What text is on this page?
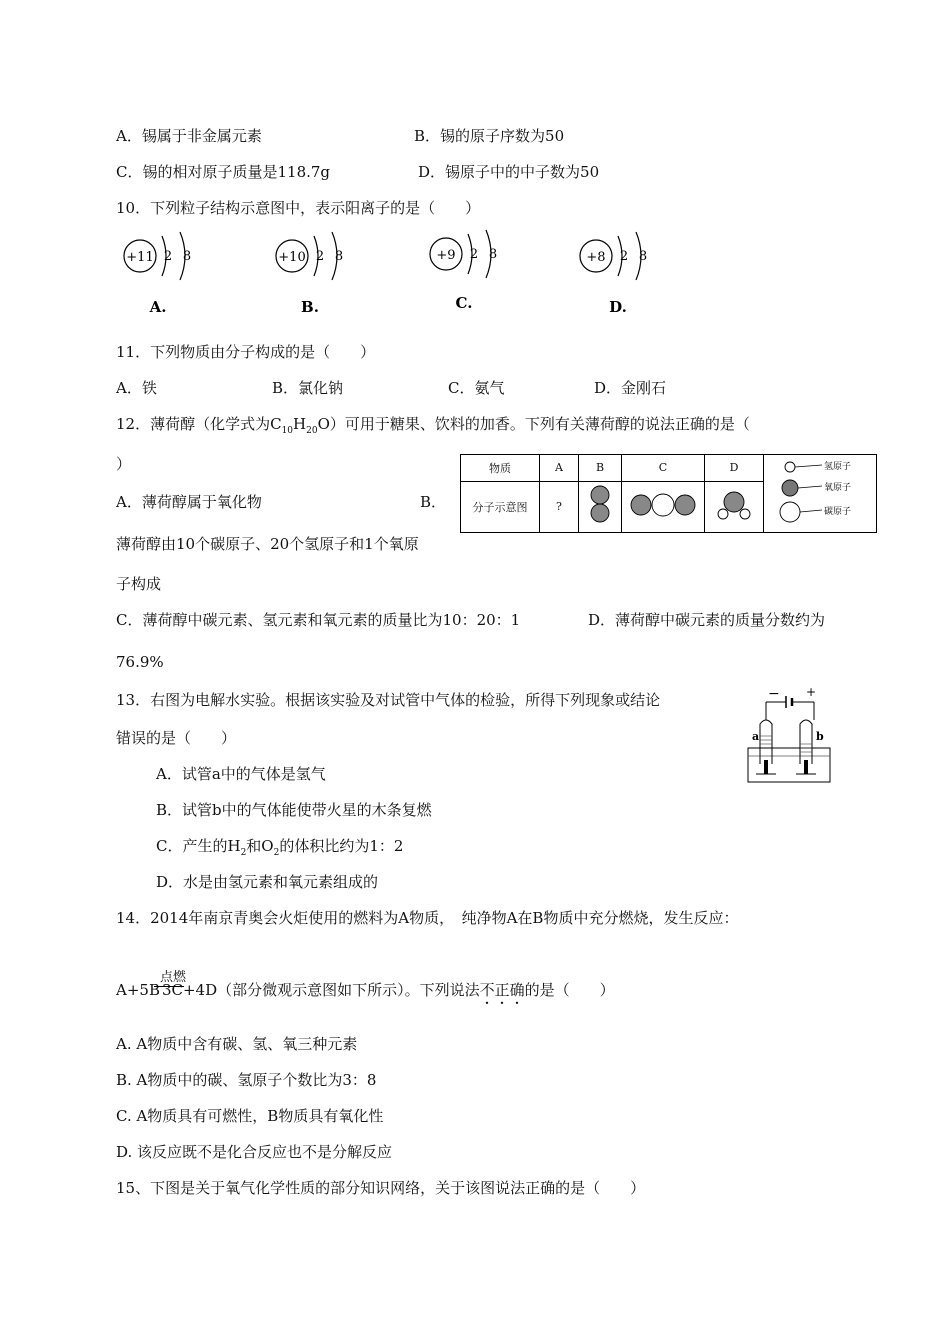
A．锡属于非金属元素	B．锡的原子序数为50
C．锡的相对原子质量是118.7g	D．锡原子中的中子数为50
10．下列粒子结构示意图中，表示阳离子的是（　　）
+11 2 8
A.
+10 2 8
B.
+9 2 8
C.
+8 2 8
D.
11．下列物质由分子构成的是（　　）
A．铁	B．氯化钠	C．氨气	D．金刚石
12．薄荷醇（化学式为$C_{10}H_{20}O$）可用于糖果、饮料的加香。下列有关薄荷醇的说法正确的是（
）
A．薄荷醇属于氧化物	B．
薄荷醇由10个碳原子、20个氢原子和1个氧原
子构成
C．薄荷醇中碳元素、氢元素和氧元素的质量比为10：20：1	D．薄荷醇中碳元素的质量分数约为
76.9%
物质	A	B	C	D	氢原子
氧原子
碳原子

分子示意图	?			
13．右图为电解水实验。根据该实验及对试管中气体的检验，所得下列现象或结论
错误的是（　　）
A．试管a中的气体是氢气
B．试管b中的气体能使带火星的木条复燃
C．产生的$H_2$和$O_2$的体积比约为1：2
D．水是由氢元素和氧元素组成的
− +
a	b
14．2014年南京青奥会火炬使用的燃料为A物质，　纯净物A在B物质中充分燃烧，发生反应：
A+5B
点燃
3C+4D（部分微观示意图如下所示）。下列说法不正确的是（　　）
A. A物质中含有碳、氢、氧三种元素
B. A物质中的碳、氢原子个数比为3：8
C. A物质具有可燃性，B物质具有氧化性
D. 该反应既不是化合反应也不是分解反应
15、下图是关于氧气化学性质的部分知识网络，关于该图说法正确的是（　　）
